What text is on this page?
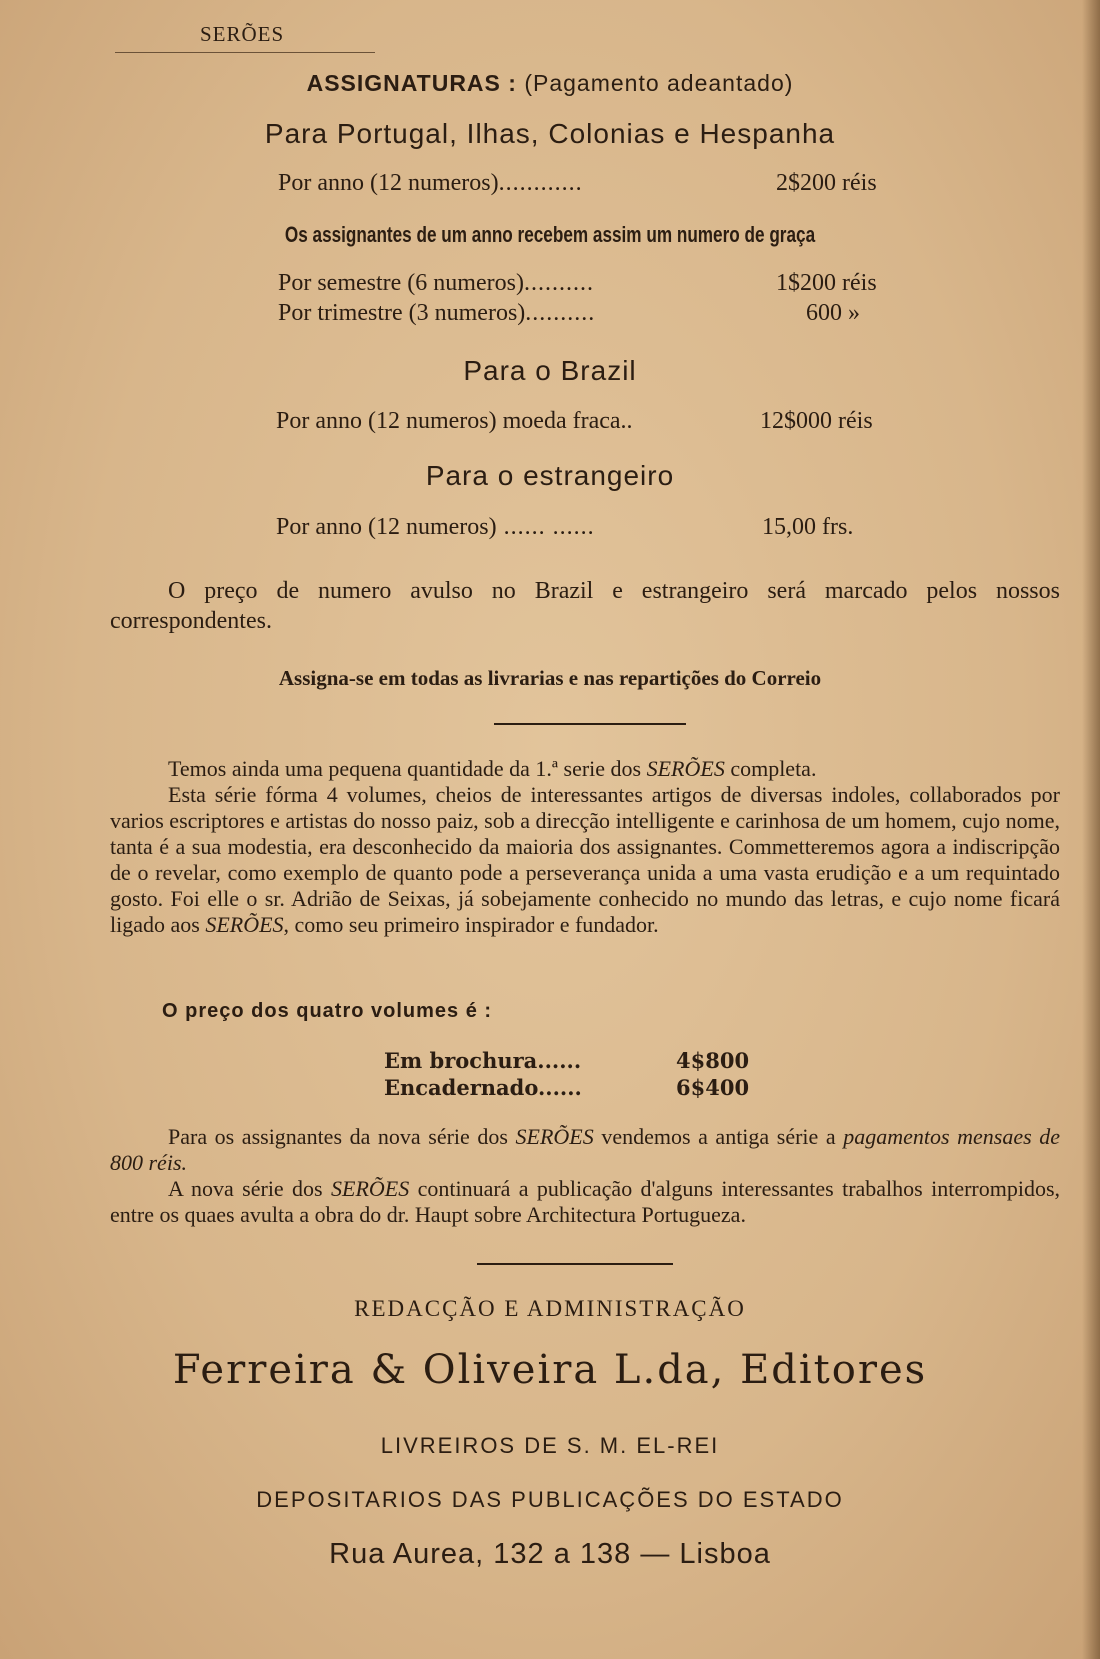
SERÕES
ASSIGNATURAS : (Pagamento adeantado)
Para Portugal, Ilhas, Colonias e Hespanha
Por anno (12 numeros)............	2$200 réis
Os assignantes de um anno recebem assim um numero de graça
Por semestre (6 numeros)..........	1$200 réis
Por trimestre (3 numeros)..........	600 »
Para o Brazil
Por anno (12 numeros) moeda fraca..	12$000 réis
Para o estrangeiro
Por anno (12 numeros) ...... ......	15,00 frs.
O preço de numero avulso no Brazil e estrangeiro será marcado pelos nossos correspondentes.
Assigna-se em todas as livrarias e nas repartições do Correio
Temos ainda uma pequena quantidade da 1.ª serie dos SERÕES completa.
Esta série fórma 4 volumes, cheios de interessantes artigos de diversas indoles, collaborados por varios escriptores e artistas do nosso paiz, sob a direcção intelligente e carinhosa de um homem, cujo nome, tanta é a sua modestia, era desconhecido da maioria dos assignantes. Commetteremos agora a indiscripção de o revelar, como exemplo de quanto pode a perseverança unida a uma vasta erudição e a um requintado gosto. Foi elle o sr. Adrião de Seixas, já sobejamente conhecido no mundo das letras, e cujo nome ficará ligado aos SERÕES, como seu primeiro inspirador e fundador.
O preço dos quatro volumes é :
Em brochura......	4$800
Encadernado......	6$400
Para os assignantes da nova série dos SERÕES vendemos a antiga série a pagamentos mensaes de 800 réis.
A nova série dos SERÕES continuará a publicação d'alguns interessantes trabalhos interrompidos, entre os quaes avulta a obra do dr. Haupt sobre Architectura Portugueza.
REDACÇÃO E ADMINISTRAÇÃO
Ferreira & Oliveira L.da, Editores
LIVREIROS DE S. M. EL-REI
DEPOSITARIOS DAS PUBLICAÇÕES DO ESTADO
Rua Aurea, 132 a 138 — Lisboa
